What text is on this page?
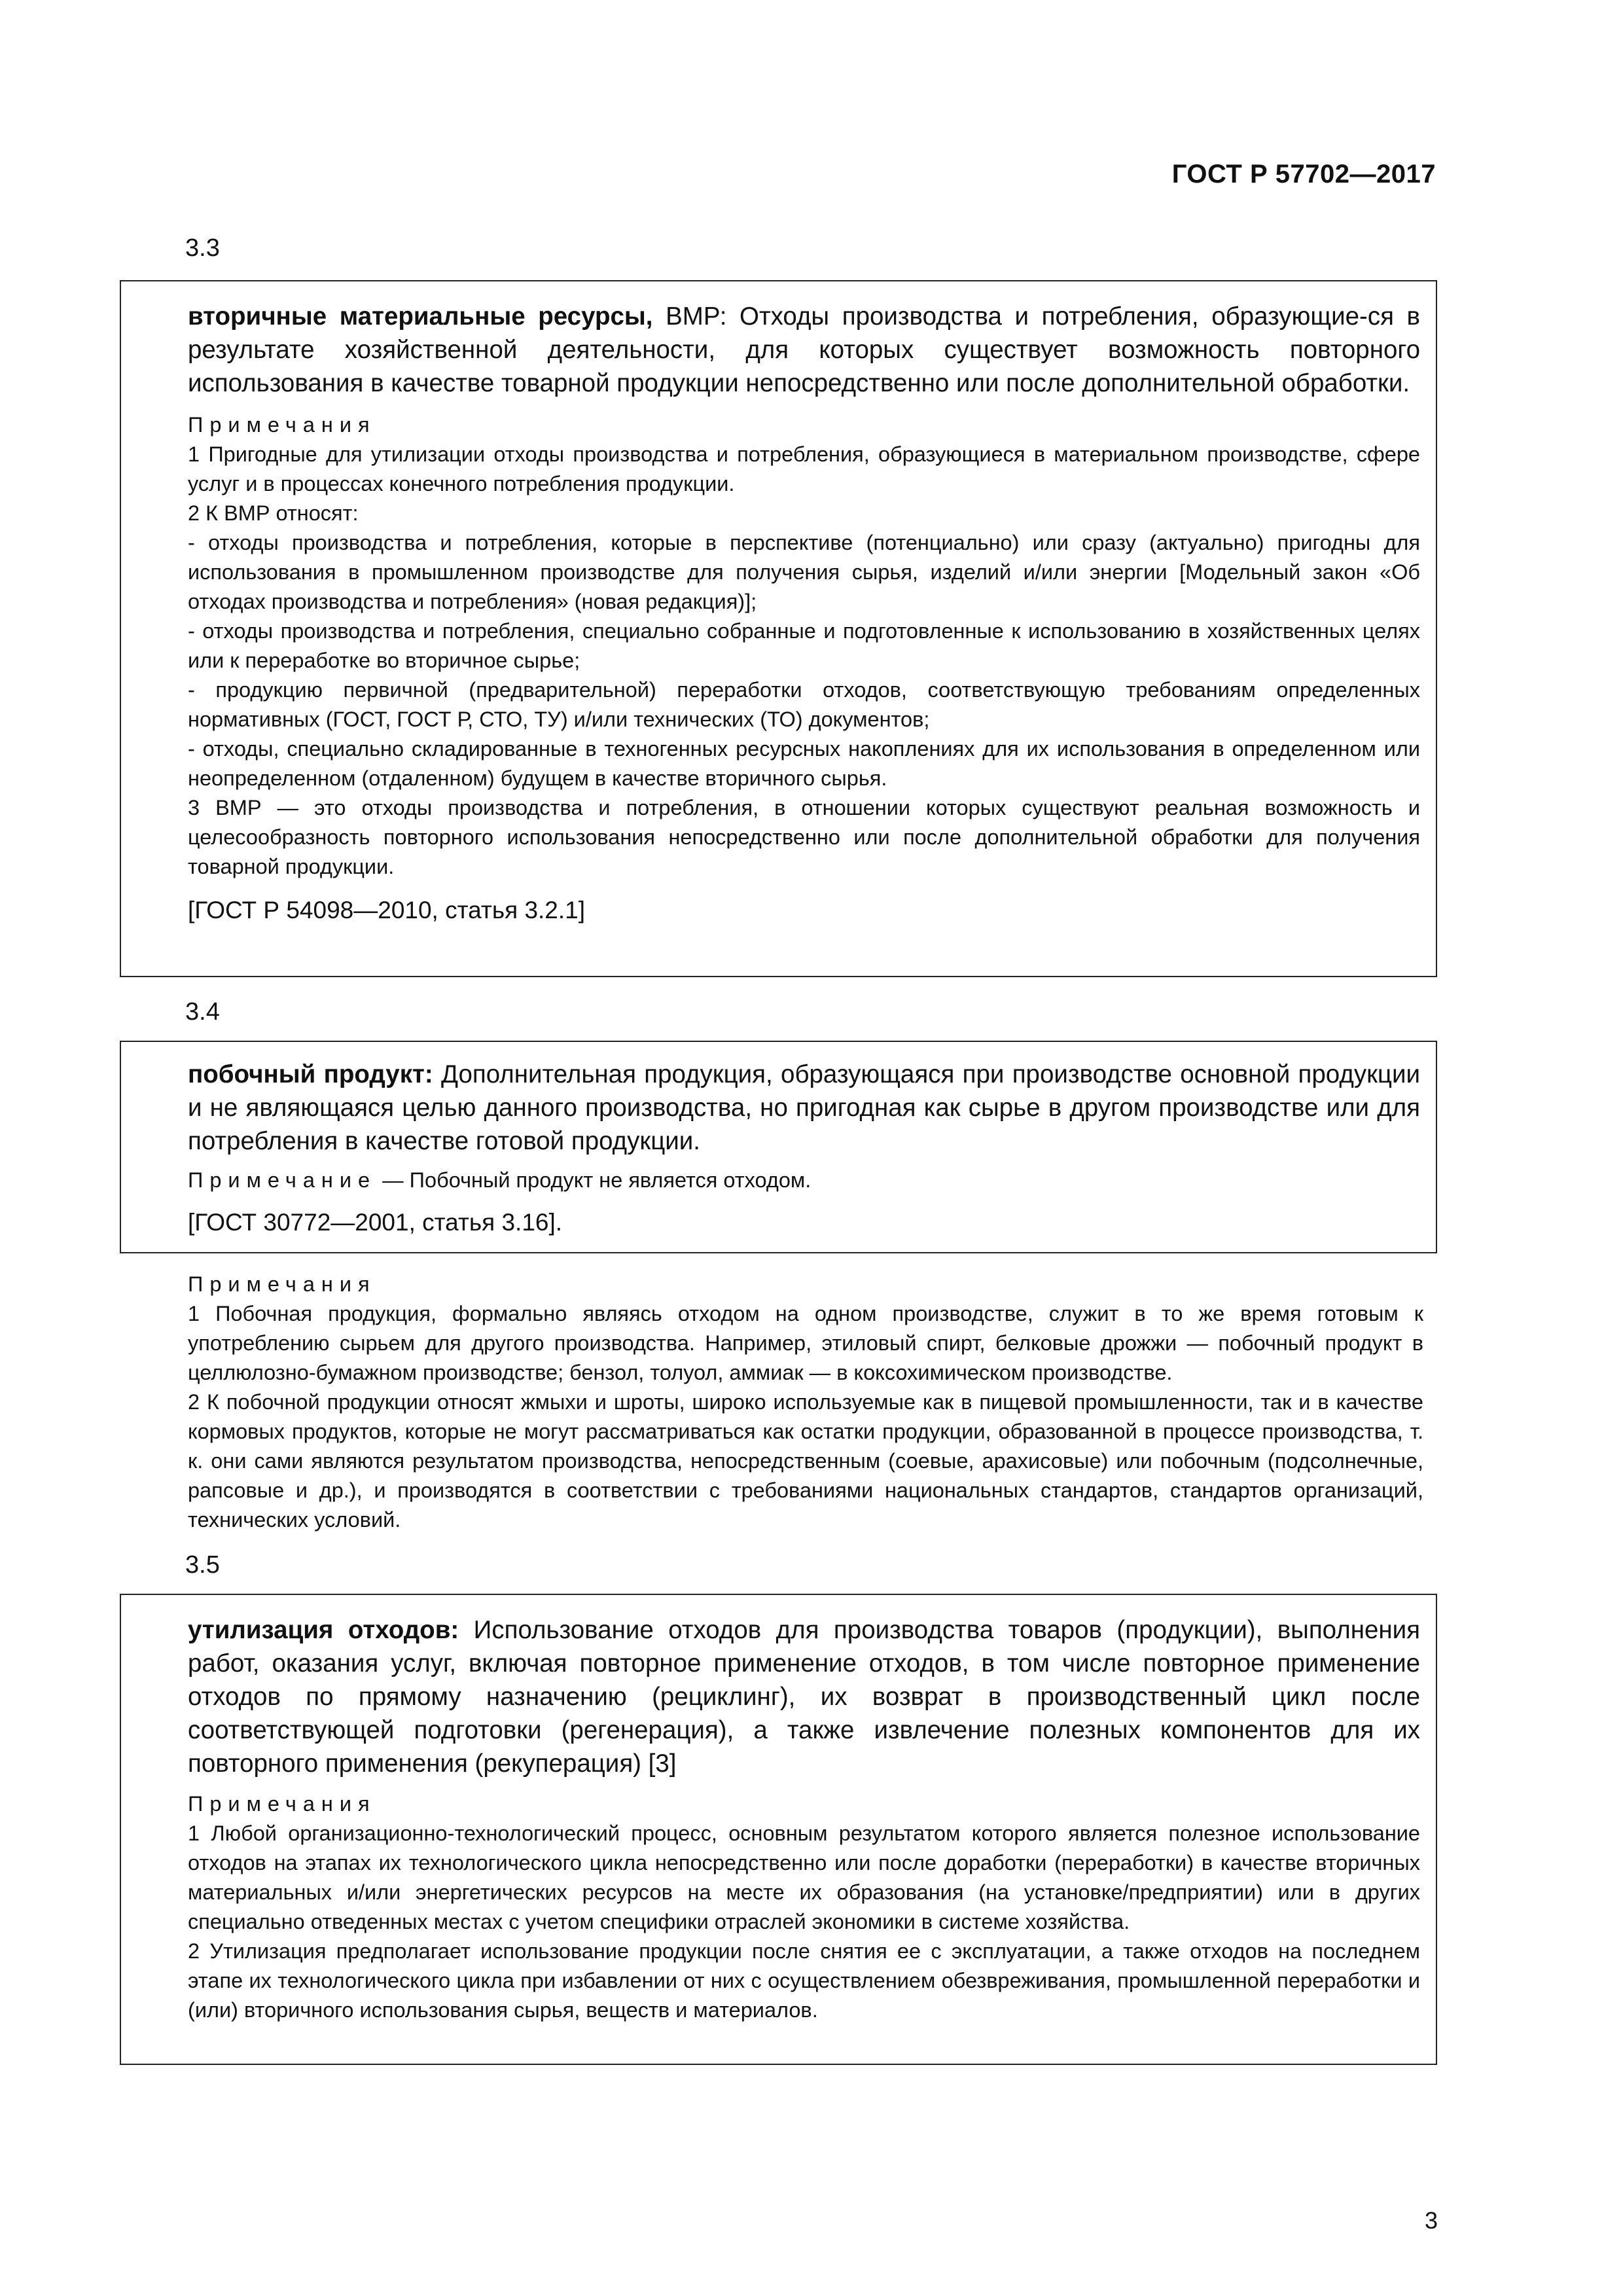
ГОСТ Р 57702—2017
3.3

вторичные материальные ресурсы, ВМР: Отходы производства и потребления, образующие-ся в результате хозяйственной деятельности, для которых существует возможность повторного использования в качестве товарной продукции непосредственно или после дополнительной обработки.

Примечания

1 Пригодные для утилизации отходы производства и потребления, образующиеся в материальном производстве, сфере услуг и в процессах конечного потребления продукции.

2 К ВМР относят:

- отходы производства и потребления, которые в перспективе (потенциально) или сразу (актуально) пригодны для использования в промышленном производстве для получения сырья, изделий и/или энергии [Модельный закон «Об отходах производства и потребления» (новая редакция)];

- отходы производства и потребления, специально собранные и подготовленные к использованию в хозяйственных целях или к переработке во вторичное сырье;

- продукцию первичной (предварительной) переработки отходов, соответствующую требованиям определенных нормативных (ГОСТ, ГОСТ Р, СТО, ТУ) и/или технических (ТО) документов;

- отходы, специально складированные в техногенных ресурсных накоплениях для их использования в определенном или неопределенном (отдаленном) будущем в качестве вторичного сырья.

3 ВМР — это отходы производства и потребления, в отношении которых существуют реальная возможность и целесообразность повторного использования непосредственно или после дополнительной обработки для получения товарной продукции.

[ГОСТ Р 54098—2010, статья 3.2.1]

3.4

побочный продукт: Дополнительная продукция, образующаяся при производстве основной продукции и не являющаяся целью данного производства, но пригодная как сырье в другом производстве или для потребления в качестве готовой продукции.

Примечание — Побочный продукт не является отходом.

[ГОСТ 30772—2001, статья 3.16].

Примечания

1 Побочная продукция, формально являясь отходом на одном производстве, служит в то же время готовым к употреблению сырьем для другого производства. Например, этиловый спирт, белковые дрожжи — побочный продукт в целлюлозно-бумажном производстве; бензол, толуол, аммиак — в коксохимическом производстве.

2 К побочной продукции относят жмыхи и шроты, широко используемые как в пищевой промышленности, так и в качестве кормовых продуктов, которые не могут рассматриваться как остатки продукции, образованной в процессе производства, т. к. они сами являются результатом производства, непосредственным (соевые, арахисовые) или побочным (подсолнечные, рапсовые и др.), и производятся в соответствии с требованиями национальных стандартов, стандартов организаций, технических условий.

3.5

утилизация отходов: Использование отходов для производства товаров (продукции), выполнения работ, оказания услуг, включая повторное применение отходов, в том числе повторное применение отходов по прямому назначению (рециклинг), их возврат в производственный цикл после соответствующей подготовки (регенерация), а также извлечение полезных компонентов для их повторного применения (рекуперация) [3]

Примечания

1 Любой организационно-технологический процесс, основным результатом которого является полезное использование отходов на этапах их технологического цикла непосредственно или после доработки (переработки) в качестве вторичных материальных и/или энергетических ресурсов на месте их образования (на установке/предприятии) или в других специально отведенных местах с учетом специфики отраслей экономики в системе хозяйства.

2 Утилизация предполагает использование продукции после снятия ее с эксплуатации, а также отходов на последнем этапе их технологического цикла при избавлении от них с осуществлением обезвреживания, промышленной переработки и (или) вторичного использования сырья, веществ и материалов.

3
